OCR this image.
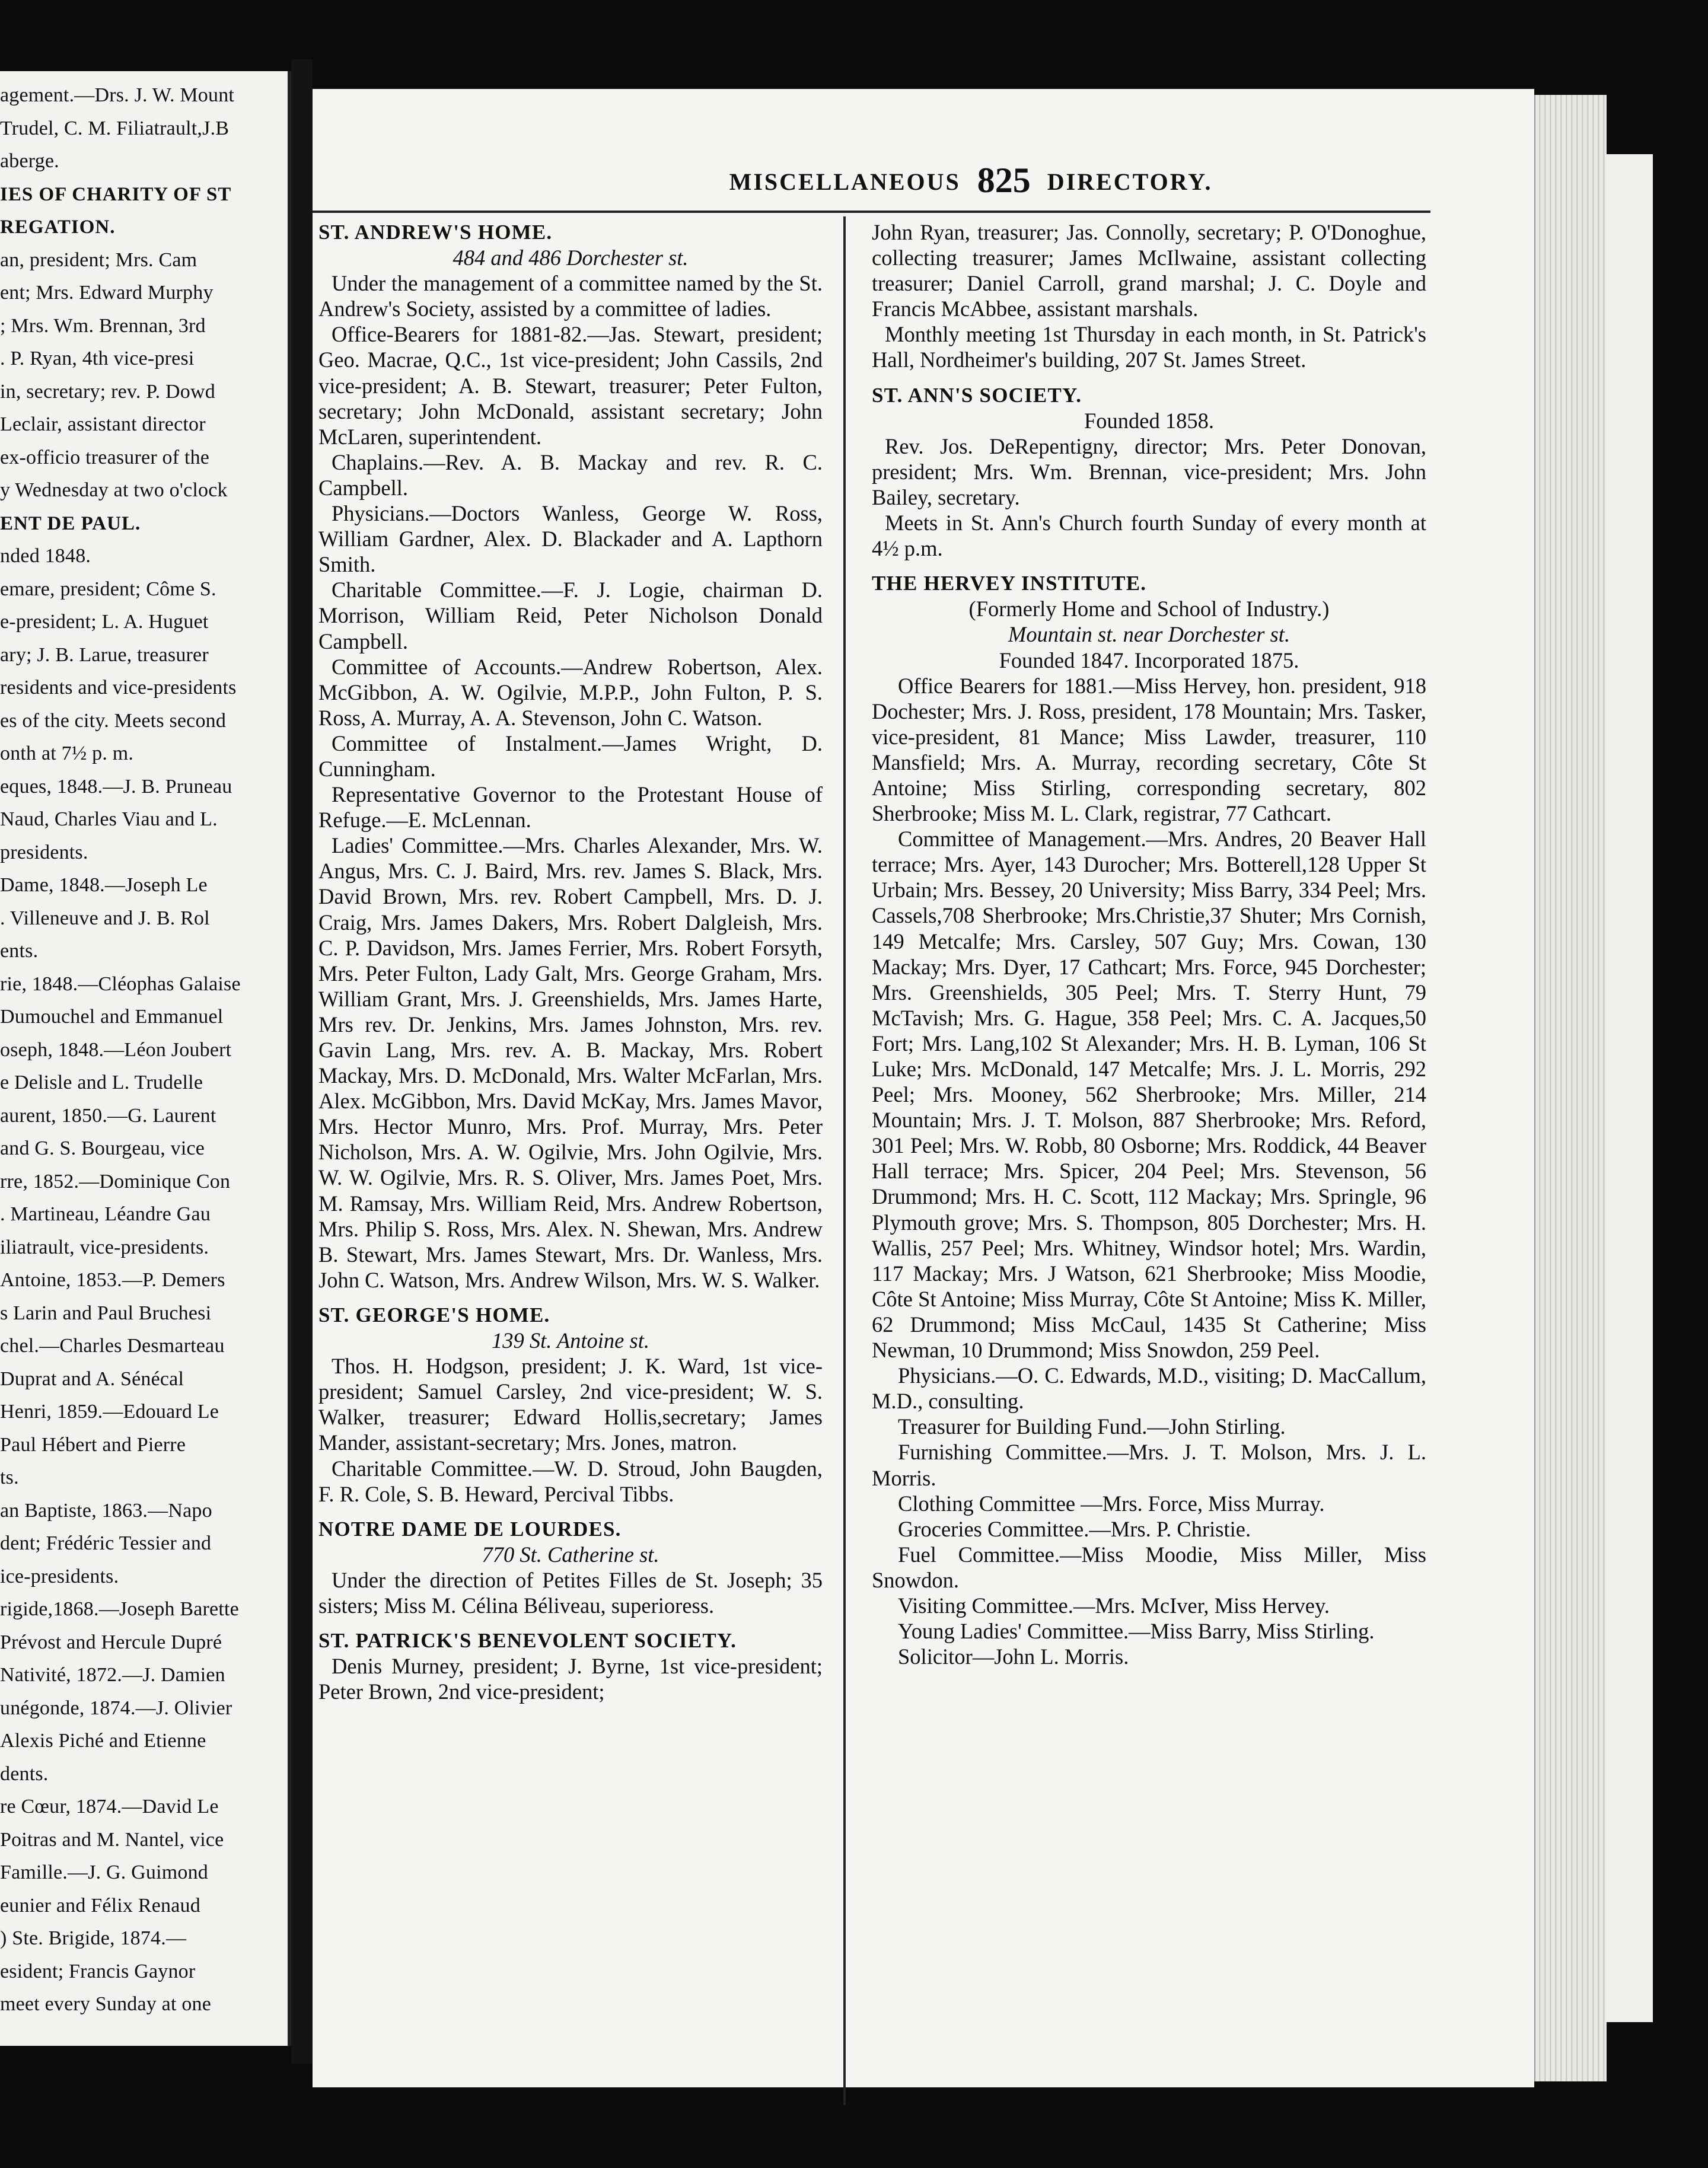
agement.—Drs. J. W. Mount
Trudel, C. M. Filiatrault,J.B
aberge.
IES OF CHARITY OF ST
REGATION.
an, president; Mrs. Cam
ent; Mrs. Edward Murphy
; Mrs. Wm. Brennan, 3rd
. P. Ryan, 4th vice-presi
in, secretary; rev. P. Dowd
Leclair, assistant director
ex-officio treasurer of the
y Wednesday at two o'clock
ENT DE PAUL.
nded 1848.
emare, president; Côme S.
e-president; L. A. Huguet
ary; J. B. Larue, treasurer
residents and vice-presidents
es of the city. Meets second
onth at 7½ p. m.
eques, 1848.—J. B. Pruneau
Naud, Charles Viau and L.
presidents.
Dame, 1848.—Joseph Le
. Villeneuve and J. B. Rol
ents.
rie, 1848.—Cléophas Galaise
Dumouchel and Emmanuel
oseph, 1848.—Léon Joubert
e Delisle and L. Trudelle
aurent, 1850.—G. Laurent
and G. S. Bourgeau, vice
rre, 1852.—Dominique Con
. Martineau, Léandre Gau
iliatrault, vice-presidents.
Antoine, 1853.—P. Demers
s Larin and Paul Bruchesi
chel.—Charles Desmarteau
Duprat and A. Sénécal
Henri, 1859.—Edouard Le
Paul Hébert and Pierre
ts.
an Baptiste, 1863.—Napo
dent; Frédéric Tessier and
ice-presidents.
rigide,1868.—Joseph Barette
Prévost and Hercule Dupré
Nativité, 1872.—J. Damien
unégonde, 1874.—J. Olivier
Alexis Piché and Etienne
dents.
re Cœur, 1874.—David Le
Poitras and M. Nantel, vice
Famille.—J. G. Guimond
eunier and Félix Renaud
) Ste. Brigide, 1874.—
esident; Francis Gaynor
meet every Sunday at one
MISCELLANEOUS 825 DIRECTORY.

ST. ANDREW'S HOME.

484 and 486 Dorchester st.

Under the management of a committee named by the St. Andrew's Society, assisted by a committee of ladies.

Office-Bearers for 1881-82.—Jas. Stewart, president; Geo. Macrae, Q.C., 1st vice-president; John Cassils, 2nd vice-president; A. B. Stewart, treasurer; Peter Fulton, secretary; John McDonald, assistant secretary; John McLaren, superintendent.

Chaplains.—Rev. A. B. Mackay and rev. R. C. Campbell.

Physicians.—Doctors Wanless, George W. Ross, William Gardner, Alex. D. Blackader and A. Lapthorn Smith.

Charitable Committee.—F. J. Logie, chairman D. Morrison, William Reid, Peter Nicholson Donald Campbell.

Committee of Accounts.—Andrew Robertson, Alex. McGibbon, A. W. Ogilvie, M.P.P., John Fulton, P. S. Ross, A. Murray, A. A. Stevenson, John C. Watson.

Committee of Instalment.—James Wright, D. Cunningham.

Representative Governor to the Protestant House of Refuge.—E. McLennan.

Ladies' Committee.—Mrs. Charles Alexander, Mrs. W. Angus, Mrs. C. J. Baird, Mrs. rev. James S. Black, Mrs. David Brown, Mrs. rev. Robert Campbell, Mrs. D. J. Craig, Mrs. James Dakers, Mrs. Robert Dalgleish, Mrs. C. P. Davidson, Mrs. James Ferrier, Mrs. Robert Forsyth, Mrs. Peter Fulton, Lady Galt, Mrs. George Graham, Mrs. William Grant, Mrs. J. Greenshields, Mrs. James Harte, Mrs rev. Dr. Jenkins, Mrs. James Johnston, Mrs. rev. Gavin Lang, Mrs. rev. A. B. Mackay, Mrs. Robert Mackay, Mrs. D. McDonald, Mrs. Walter McFarlan, Mrs. Alex. McGibbon, Mrs. David McKay, Mrs. James Mavor, Mrs. Hector Munro, Mrs. Prof. Murray, Mrs. Peter Nicholson, Mrs. A. W. Ogilvie, Mrs. John Ogilvie, Mrs. W. W. Ogilvie, Mrs. R. S. Oliver, Mrs. James Poet, Mrs. M. Ramsay, Mrs. William Reid, Mrs. Andrew Robertson, Mrs. Philip S. Ross, Mrs. Alex. N. Shewan, Mrs. Andrew B. Stewart, Mrs. James Stewart, Mrs. Dr. Wanless, Mrs. John C. Watson, Mrs. Andrew Wilson, Mrs. W. S. Walker.

ST. GEORGE'S HOME.

139 St. Antoine st.

Thos. H. Hodgson, president; J. K. Ward, 1st vice-president; Samuel Carsley, 2nd vice-president; W. S. Walker, treasurer; Edward Hollis,secretary; James Mander, assistant-secretary; Mrs. Jones, matron.

Charitable Committee.—W. D. Stroud, John Baugden, F. R. Cole, S. B. Heward, Percival Tibbs.

NOTRE DAME DE LOURDES.

770 St. Catherine st.

Under the direction of Petites Filles de St. Joseph; 35 sisters; Miss M. Célina Béliveau, superioress.

ST. PATRICK'S BENEVOLENT SOCIETY.

Denis Murney, president; J. Byrne, 1st vice-president; Peter Brown, 2nd vice-president;

John Ryan, treasurer; Jas. Connolly, secretary; P. O'Donoghue, collecting treasurer; James McIlwaine, assistant collecting treasurer; Daniel Carroll, grand marshal; J. C. Doyle and Francis McAbbee, assistant marshals.

Monthly meeting 1st Thursday in each month, in St. Patrick's Hall, Nordheimer's building, 207 St. James Street.

ST. ANN'S SOCIETY.

Founded 1858.

Rev. Jos. DeRepentigny, director; Mrs. Peter Donovan, president; Mrs. Wm. Brennan, vice-president; Mrs. John Bailey, secretary.

Meets in St. Ann's Church fourth Sunday of every month at 4½ p.m.

THE HERVEY INSTITUTE.

(Formerly Home and School of Industry.)

Mountain st. near Dorchester st.

Founded 1847. Incorporated 1875.

Office Bearers for 1881.—Miss Hervey, hon. president, 918 Dochester; Mrs. J. Ross, president, 178 Mountain; Mrs. Tasker, vice-president, 81 Mance; Miss Lawder, treasurer, 110 Mansfield; Mrs. A. Murray, recording secretary, Côte St Antoine; Miss Stirling, corresponding secretary, 802 Sherbrooke; Miss M. L. Clark, registrar, 77 Cathcart.

Committee of Management.—Mrs. Andres, 20 Beaver Hall terrace; Mrs. Ayer, 143 Durocher; Mrs. Botterell,128 Upper St Urbain; Mrs. Bessey, 20 University; Miss Barry, 334 Peel; Mrs. Cassels,708 Sherbrooke; Mrs.Christie,37 Shuter; Mrs Cornish, 149 Metcalfe; Mrs. Carsley, 507 Guy; Mrs. Cowan, 130 Mackay; Mrs. Dyer, 17 Cathcart; Mrs. Force, 945 Dorchester; Mrs. Greenshields, 305 Peel; Mrs. T. Sterry Hunt, 79 McTavish; Mrs. G. Hague, 358 Peel; Mrs. C. A. Jacques,50 Fort; Mrs. Lang,102 St Alexander; Mrs. H. B. Lyman, 106 St Luke; Mrs. McDonald, 147 Metcalfe; Mrs. J. L. Morris, 292 Peel; Mrs. Mooney, 562 Sherbrooke; Mrs. Miller, 214 Mountain; Mrs. J. T. Molson, 887 Sherbrooke; Mrs. Reford, 301 Peel; Mrs. W. Robb, 80 Osborne; Mrs. Roddick, 44 Beaver Hall terrace; Mrs. Spicer, 204 Peel; Mrs. Stevenson, 56 Drummond; Mrs. H. C. Scott, 112 Mackay; Mrs. Springle, 96 Plymouth grove; Mrs. S. Thompson, 805 Dorchester; Mrs. H. Wallis, 257 Peel; Mrs. Whitney, Windsor hotel; Mrs. Wardin, 117 Mackay; Mrs. J Watson, 621 Sherbrooke; Miss Moodie, Côte St Antoine; Miss Murray, Côte St Antoine; Miss K. Miller, 62 Drummond; Miss McCaul, 1435 St Catherine; Miss Newman, 10 Drummond; Miss Snowdon, 259 Peel.

Physicians.—O. C. Edwards, M.D., visiting; D. MacCallum, M.D., consulting.

Treasurer for Building Fund.—John Stirling.

Furnishing Committee.—Mrs. J. T. Molson, Mrs. J. L. Morris.

Clothing Committee —Mrs. Force, Miss Murray.

Groceries Committee.—Mrs. P. Christie.

Fuel Committee.—Miss Moodie, Miss Miller, Miss Snowdon.

Visiting Committee.—Mrs. McIver, Miss Hervey.

Young Ladies' Committee.—Miss Barry, Miss Stirling.

Solicitor—John L. Morris.
